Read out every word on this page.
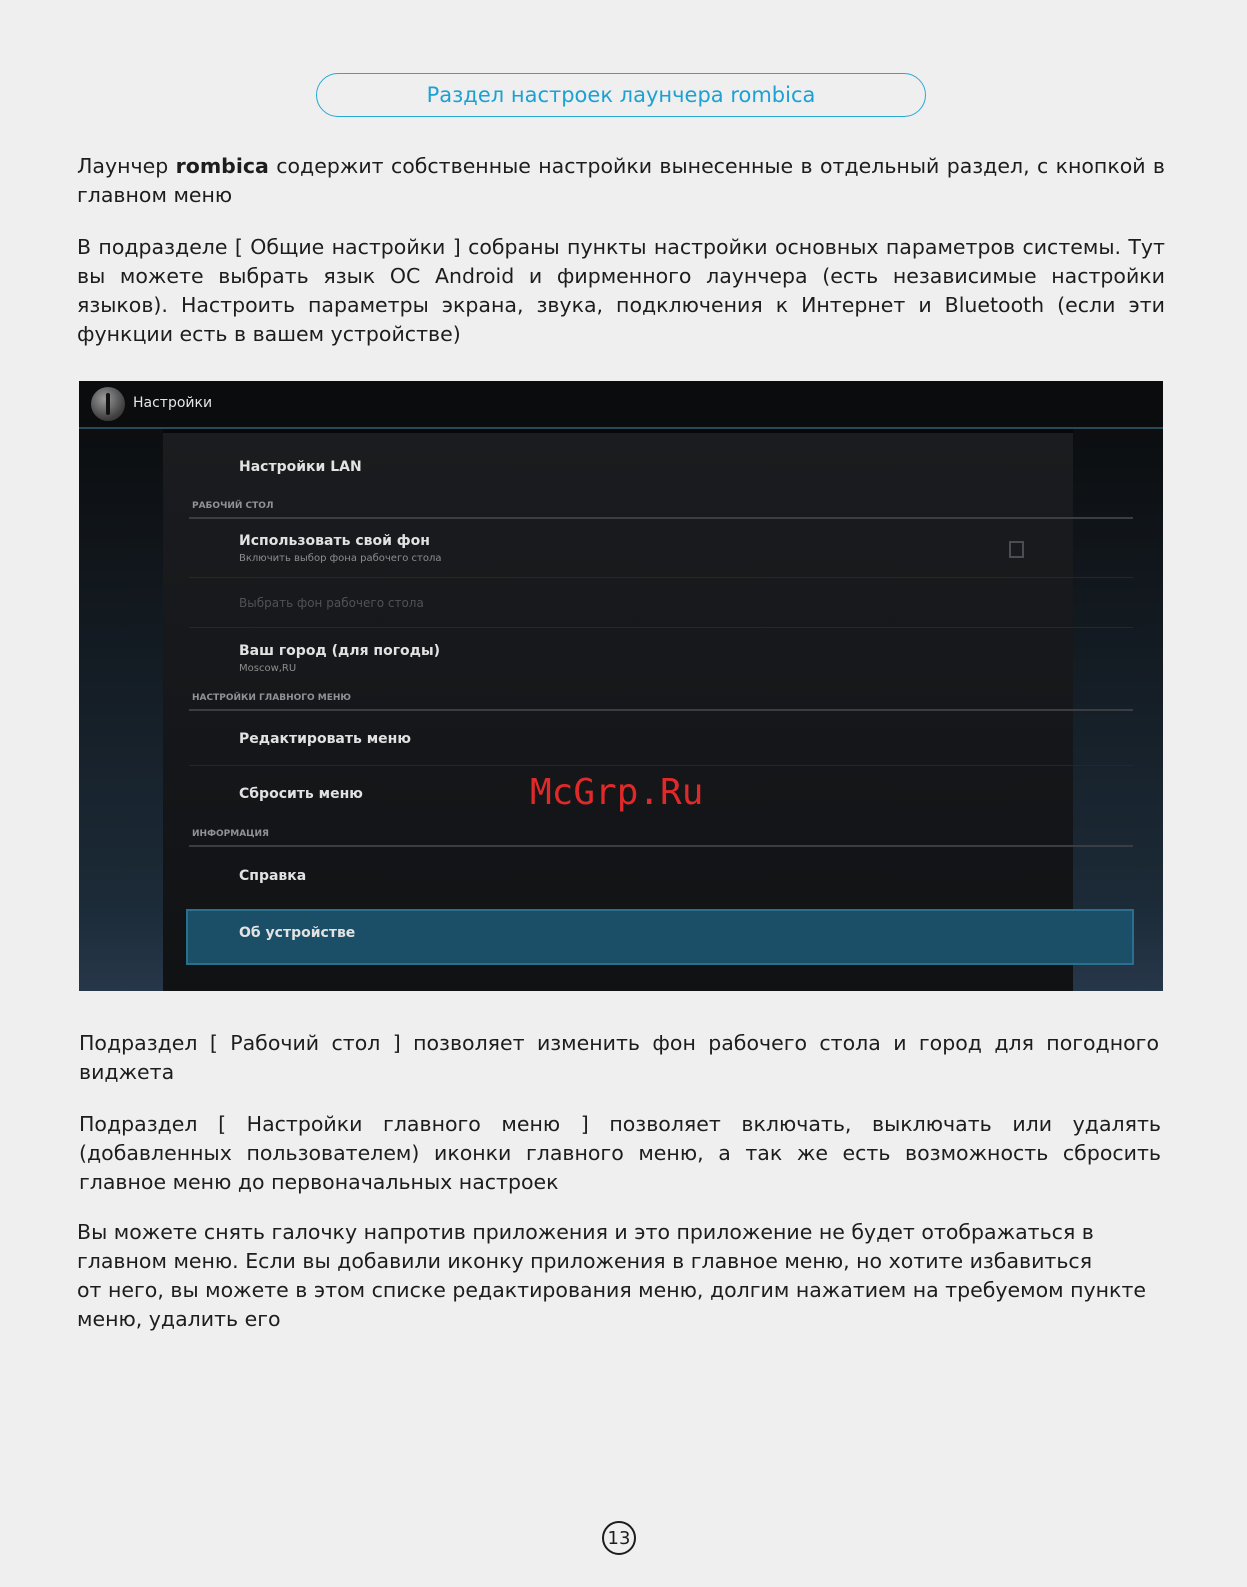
Раздел настроек лаунчера rombica

Лаунчер rombica содержит собственные настройки вынесенные в отдельный раздел, с кнопкой в главном меню

В подразделе [ Общие настройки ] собраны пункты настройки основных параметров системы. Тут вы можете выбрать язык ОС Android и фирменного лаунчера (есть независимые настройки языков). Настроить параметры экрана, звука, подключения к Интернет и Bluetooth (если эти функции есть в вашем устройстве)

Настройки
Настройки LAN
РАБОЧИЙ СТОЛ
Использовать свой фон
Включить выбор фона рабочего стола
Выбрать фон рабочего стола
Ваш город (для погоды)
Moscow,RU
НАСТРОЙКИ ГЛАВНОГО МЕНЮ
Редактировать меню
Сбросить меню
ИНФОРМАЦИЯ
Справка
Об устройстве
McGrp.Ru

Подраздел [ Рабочий стол ] позволяет изменить фон рабочего стола и город для погодного виджета

Подраздел [ Настройки главного меню ] позволяет включать, выключать или удалять (добавленных пользователем) иконки главного меню, а так же есть возможность сбросить главное меню до первоначальных настроек

Вы можете снять галочку напротив приложения и это приложение не будет отображаться в
главном меню. Если вы добавили иконку приложения в главное меню, но хотите избавиться
от него, вы можете в этом списке редактирования меню, долгим нажатием на требуемом пункте
меню, удалить его
13
